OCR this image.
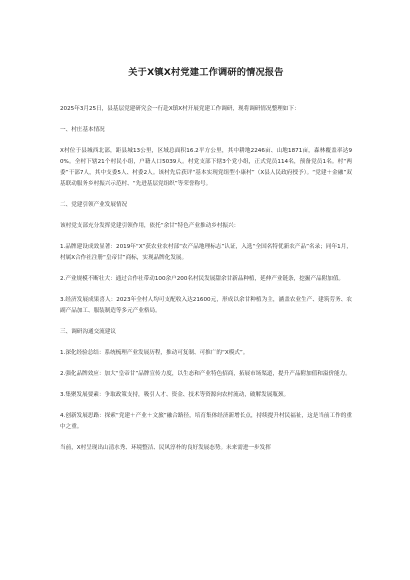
关于X镇X村党建工作调研的情况报告

2025年3月25日，县基层党建研究会一行赴X镇X村开展党建工作调研，现将调研情况整理如下：

一、村庄基本情况

X村位于县城西北部，距县城13公里，区域总面积16.2平方公里，其中耕地2246亩、山地1871亩，森林覆盖率达90%。全村下辖21个村民小组，户籍人口5039人。村党支部下辖3个党小组，正式党员114名，预备党员1名。村“两委”干部7人，其中支委5人、村委2人。该村先后获评“基本实现党组型小康村”（X县人民政府授予）。“党建＋金融”双基联动服务乡村振兴示范村、“先进基层党组织”等荣誉称号。

二、党建引领产业发展情况

该村党支部充分发挥党建引领作用，依托“余甘”特色产业推动乡村振兴：

1.品牌建设成效显著：2019年“X”获农业农村部“农产品地理标志”认证，入选“全国名特优新农产品”名录；同年1月，村属X合作社注册“皇帝甘”商标，实现品牌化发展。

2.产业规模不断壮大：通过合作社带动100余户200名村民发展甜余甘新品种植，延伸产业链条，挖掘产品附加值。

3.经济发展成果喜人：2023年全村人均可支配收入达21600元，形成以余甘种植为主，涵盖农业生产、建筑劳务、农副产品加工、服装制造等多元产业格局。

三、调研沟通交流建议

1.深化经验总结：系统梳理产业发展历程，推动可复制、可推广的“X模式”。

2.强化品牌效应：加大“皇帝甘”品牌宣传力度，以生态和产业特色招商，拓展市场渠道，提升产品附加值和溢价能力。

3.集聚发展要素：争取政策支持，吸引人才、资金、技术等资源向农村流动，破解发展瓶颈。

4.创新发展思路：探索“党建＋产业＋文旅”融合路径，培育集体经济新增长点，持续提升村民福祉，这是当前工作的重中之重。

当前，X村呈现出山清水秀、环境整洁、民风淳朴的良好发展态势。未来需进一步发挥
